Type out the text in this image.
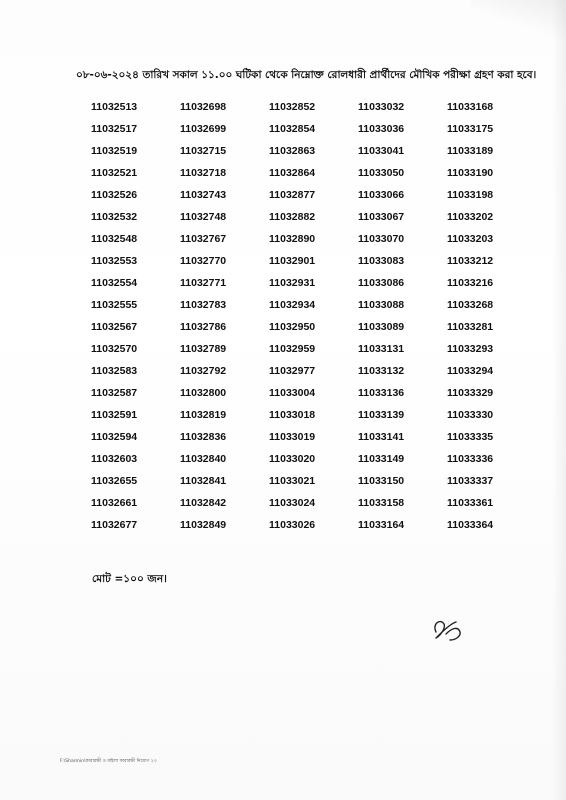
০৮-০৬-২০২৪ তারিখ সকাল ১১.০০ ঘটিকা থেকে নিম্নোক্ত রোলধারী প্রার্থীদের মৌখিক পরীক্ষা গ্রহণ করা হবে।
11032513
11032517
11032519
11032521
11032526
11032532
11032548
11032553
11032554
11032555
11032567
11032570
11032583
11032587
11032591
11032594
11032603
11032655
11032661
11032677
11032698
11032699
11032715
11032718
11032743
11032748
11032767
11032770
11032771
11032783
11032786
11032789
11032792
11032800
11032819
11032836
11032840
11032841
11032842
11032849
11032852
11032854
11032863
11032864
11032877
11032882
11032890
11032901
11032931
11032934
11032950
11032959
11032977
11033004
11033018
11033019
11033020
11033021
11033024
11033026
11033032
11033036
11033041
11033050
11033066
11033067
11033070
11033083
11033086
11033088
11033089
11033131
11033132
11033136
11033139
11033141
11033149
11033150
11033158
11033164
11033168
11033175
11033189
11033190
11033198
11033202
11033203
11033212
11033216
11033268
11033281
11033293
11033294
11033329
11033330
11033335
11033336
11033337
11033361
11033364
মোট =১০০ জন।
F:\Sharmin\কারারক্ষী ও মহিলা কারারক্ষী নিয়োগ ২৩
